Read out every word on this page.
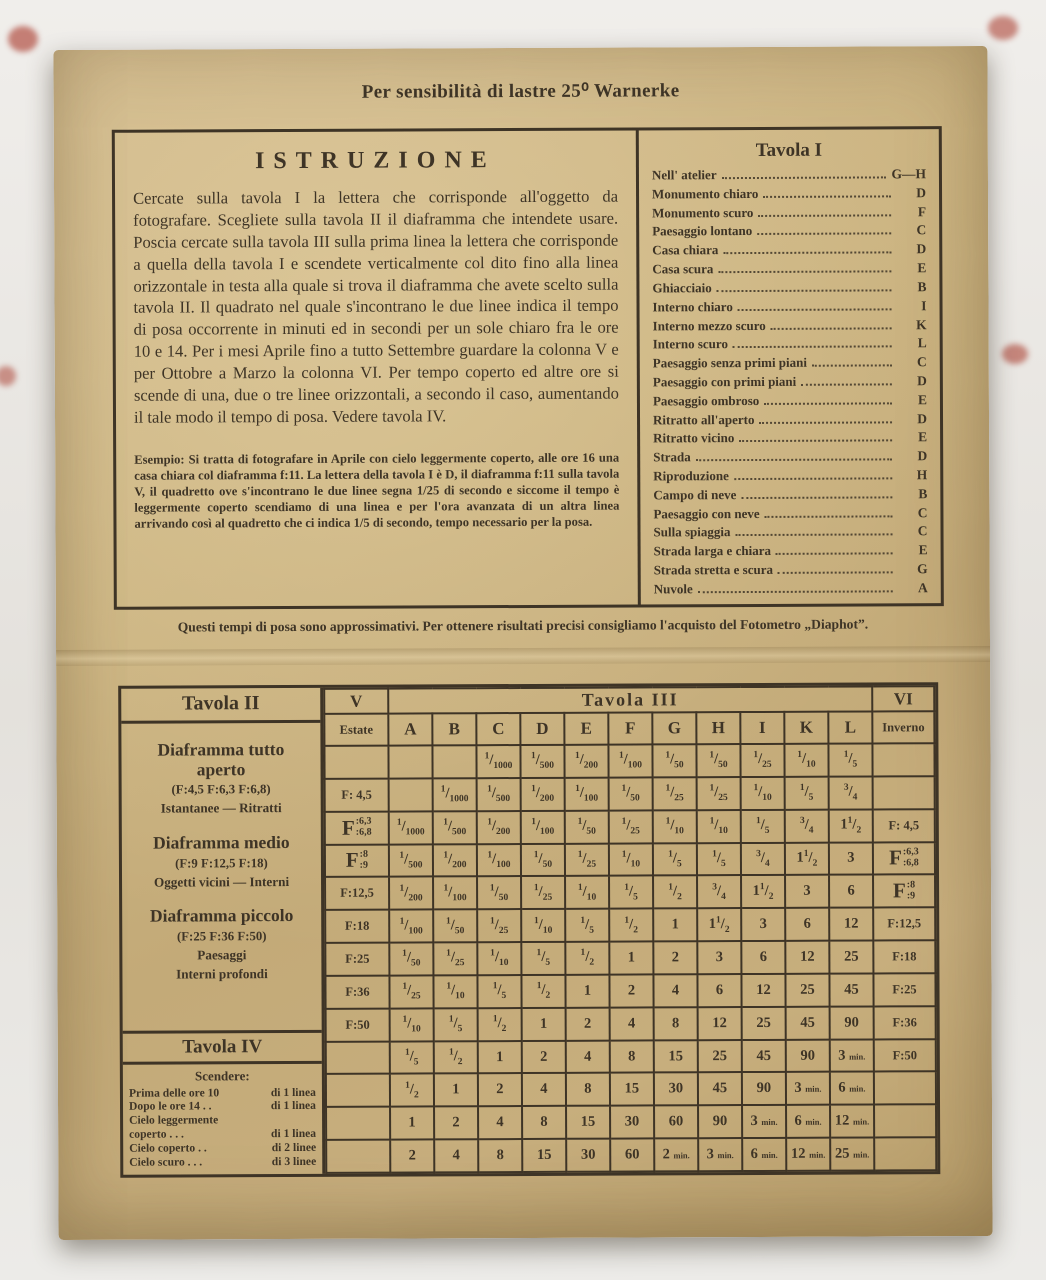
Per sensibilità di lastre 25⁰ Warnerke
ISTRUZIONE

Cercate sulla tavola I la lettera che corrisponde all'oggetto da fotografare. Scegliete sulla tavola II il diaframma che intendete usare. Poscia cercate sulla tavola III sulla prima linea la lettera che corrisponde a quella della tavola I e scendete verticalmente col dito fino alla linea orizzontale in testa alla quale si trova il diaframma che avete scelto sulla tavola II. Il quadrato nel quale s'incontrano le due linee indica il tempo di posa occorrente in minuti ed in secondi per un sole chiaro fra le ore 10 e 14. Per i mesi Aprile fino a tutto Settembre guardare la colonna V e per Ottobre a Marzo la colonna VI. Per tempo coperto ed altre ore si scende di una, due o tre linee orizzontali, a secondo il caso, aumentando il tale modo il tempo di posa. Vedere tavola IV.

Esempio: Si tratta di fotografare in Aprile con cielo leggermente coperto, alle ore 16 una casa chiara col diaframma f:11. La lettera della tavola I è D, il diaframma f:11 sulla tavola V, il quadretto ove s'incontrano le due linee segna 1/25 di secondo e siccome il tempo è leggermente coperto scendiamo di una linea e per l'ora avanzata di un altra linea arrivando così al quadretto che ci indica 1/5 di secondo, tempo necessario per la posa.

Tavola I
Nell' atelier	G—H
Monumento chiaro	D
Monumento scuro	F
Paesaggio lontano	C
Casa chiara	D
Casa scura	E
Ghiacciaio	B
Interno chiaro	I
Interno mezzo scuro	K
Interno scuro	L
Paesaggio senza primi piani	C
Paesaggio con primi piani	D
Paesaggio ombroso	E
Ritratto all'aperto	D
Ritratto vicino	E
Strada	D
Riproduzione	H
Campo di neve	B
Paesaggio con neve	C
Sulla spiaggia	C
Strada larga e chiara	E
Strada stretta e scura	G
Nuvole	A
Questi tempi di posa sono approssimativi. Per ottenere risultati precisi consigliamo l'acquisto del Fotometro „Diaphot”.
Tavola II
Diaframma tutto aperto
(F:4,5 F:6,3 F:6,8)
Istantanee — Ritratti
Diaframma medio
(F:9 F:12,5 F:18)
Oggetti vicini — Interni
Diaframma piccolo
(F:25 F:36 F:50)
Paesaggi
Interni profondi
Tavola IV
Scendere:
Prima delle ore 10	di 1 linea
Dopo le ore 14 . .	di 1 linea
Cielo leggermente
coperto . . .	di 1 linea
Cielo coperto . .	di 2 linee
Cielo scuro . . .	di 3 linee
V	Tavola III											VI
Estate	A	B	C	D	E	F	G	H	I	K	L	Inverno
			$^1/_{1000}$	$^1/_{500}$	$^1/_{200}$	$^1/_{100}$	$^1/_{50}$	$^1/_{50}$	$^1/_{25}$	$^1/_{10}$	$^1/_5$	
F: 4,5		$^1/_{1000}$	$^1/_{500}$	$^1/_{200}$	$^1/_{100}$	$^1/_{50}$	$^1/_{25}$	$^1/_{25}$	$^1/_{10}$	$^1/_5$	$^3/_4$	

F :6,3
:6,8	$^1/_{1000}$	$^1/_{500}$	$^1/_{200}$	$^1/_{100}$	$^1/_{50}$	$^1/_{25}$	$^1/_{10}$	$^1/_{10}$	$^1/_5$	$^3/_4$	$1^1/_2$	F: 4,5

F :8
:9	$^1/_{500}$	$^1/_{200}$	$^1/_{100}$	$^1/_{50}$	$^1/_{25}$	$^1/_{10}$	$^1/_5$	$^1/_5$	$^3/_4$	$1^1/_2$	3	F :6,3
:6,8

F:12,5	$^1/_{200}$	$^1/_{100}$	$^1/_{50}$	$^1/_{25}$	$^1/_{10}$	$^1/_5$	$^1/_2$	$^3/_4$	$1^1/_2$	3	6	F :8
:9

F:18	$^1/_{100}$	$^1/_{50}$	$^1/_{25}$	$^1/_{10}$	$^1/_5$	$^1/_2$	1	$1^1/_2$	3	6	12	F:12,5
F:25	$^1/_{50}$	$^1/_{25}$	$^1/_{10}$	$^1/_5$	$^1/_2$	1	2	3	6	12	25	F:18
F:36	$^1/_{25}$	$^1/_{10}$	$^1/_5$	$^1/_2$	1	2	4	6	12	25	45	F:25
F:50	$^1/_{10}$	$^1/_5$	$^1/_2$	1	2	4	8	12	25	45	90	F:36
	$^1/_5$	$^1/_2$	1	2	4	8	15	25	45	90	3 min.	F:50
	$^1/_2$	1	2	4	8	15	30	45	90	3 min.	6 min.	
	1	2	4	8	15	30	60	90	3 min.	6 min.	12 min.	
	2	4	8	15	30	60	2 min.	3 min.	6 min.	12 min.	25 min.	
